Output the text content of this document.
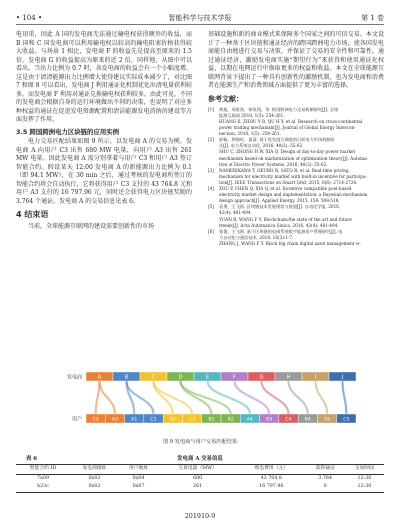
• 104 •	智能科学与技术学报	第 1 卷

电用重，因此 A 国的发电商无法通过输电权获得额外的收益，而 B 国和 C 国发电商可以利用输电权以较高的输电阻塞价格获得较大收益。与场景 1 相比，发电商 F 的收益先是提高至原来的 1.5 倍，发电商 G 的收益提高为原来的近 2 倍，同样地，从图中可以看出，当出力比例为 0.7 时，各发电商的收益会有一个小幅度增，这是由于请清能源出力比例增大使得建议实际成本减少了，对比图 7 和图 8 可以看出，发电商 J 利用通证化机制优化出清电量获利较多，而发电商 F 利用对通证兑换输电权获利较多。由此可见，不同的发电商会根据自身的运行环境做出不同的决策，也说明了对应多种权益的通证在促进发电资源配置和清洁能源发电消纳的建设等方面发挥了作用。

3.5 跨国跨洲电力区块链的应用实例

电力交易匹配结果如图 9 所示，以发电商 A 的交易为例，发电商 A 向用户 C3 出售 680 MW 电量，向用户 A3 出售 261 MW 电量。因此发电商 A 需分别拿着与用户 C3 和用户 A3 签订智能合约。假设某天 12:00 发电商 A 的新能源出力比例为 0.1（即 94.1 MW），在 30 min 之后，通过考核的发电商所签订的智能合约将会自动执行，它将获得用户 C3 支付的 43 764.8 元和用户 A3 支付的 16 797.96 元，同时还会获得电力区块链奖励的 3.764 个通证。发电商 A 的交易信息见表 6。

4 结束语

当前，全球能源互联网的建设需要创新性的市场

基础设施和新的商业模式来保障多个国家之间的可信交易。本文设计了一种基于区块链和通证经济的跨国跨洲电力市场，使各国发电商能自由地进行交易与决策，并保证了交易的安全性和可靠性。通过通证经济，激励发电商实施“期望行为”来获得和使用通证化权益，以期在电网运行中换取更多的权益和收益。本文在全球能源互联网背景下提出了一种具有创新性的激励机制，也为发电商和消费者在能源生产和消费领域方面提供了更为丰富的选择。

参考文献：
[1]	黄旭，周景浓，徐英翔，等. 跨国跨洲电力交易机制研究[J]. 全球
能源互联网 2018, 1(5): 254-261.
HUANG X, ZHOU Y B, QU H Y, et al. Research on cross-continental
power trading mechanism[J]. Journal of Global Energy Intercon-
nection, 2018, 1(5): 254-261.
[2]	舒畅，钟海旺，夏清. 基于优先组合调度的日前电力市场机制设
计[J]. 电力系统自动化, 2016, 40(2): 55-62.
SHU C, ZHONG H W, XIA Q. Design of day-to-day power market
mechanism based on marketization of optimization theory[J]. Automa-
tion of Electric Power Systems, 2016, 40(2): 55-62.
[3]	NAMERIKAWA T, OKUBO N, SATO R, et al. Real-time pricing
mechanism for electricity market with built-in incentive for participa-
tion[J]. IEEE Transactions on Smart Grid, 2015, 6(6): 2714-2724.
[4]	ZOU P, CHEN Q, XIA Q, et al. Incentive compatible pool-based
electricity market design and implementation: a Bayesian mechanism
design approach[J]. Applied Energy, 2015, 158: 508-518.
[5]	袁勇，王飞跃. 区块链技术发展现状与展望[J]. 自动化学报, 2016,
42(4): 481-494.
YUAN R, WANG F Y. Blockchain:the state of the art and future
trends[J]. Acta Automatica Sinica, 2016, 42(4): 481-494.
[6]	张俊，王飞跃. 基于区块链的电网系统数字能源资产管理研究[J]. 电
力自动化与通信技术, 2018, 16(3):1-7.
ZHANG J, WANG F Y. Block big chain digital asset management w-
发电商
用户
A	B	C	D	E	F	G	H	I	J
C3	A3	A1	C1	A2	C2	B1	B2	A4	B3	C4	B4	A5	C5
图 9 发电商与用户交易匹配结果
表 6	发电商 A 交易信息
智能合约 ID	发电商地址	用户地址	交易电量（MW）	购电费用（元）	获得通证	交易时间
7a09	0x02	0x04	680	43 764.8	3.764	12:30
b23c	0x02	0x07	261	16 797.96	0	12:30
201910-9
